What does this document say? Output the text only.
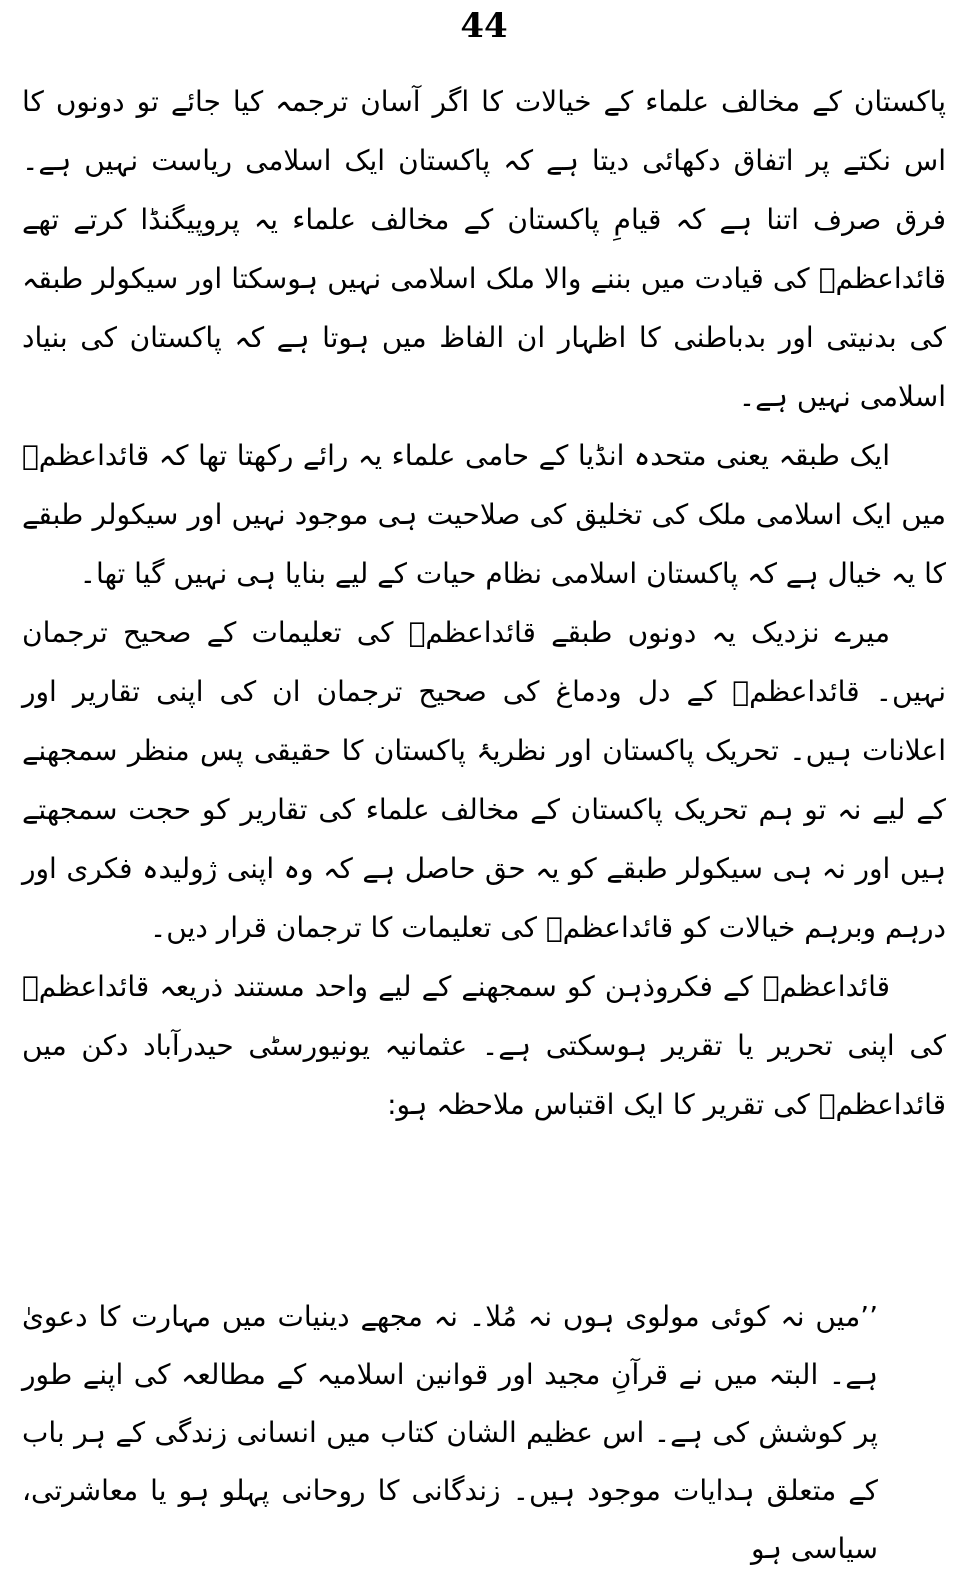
44

پاکستان کے مخالف علماء کے خیالات کا اگر آسان ترجمہ کیا جائے تو دونوں کا اس نکتے پر اتفاق دکھائی دیتا ہے کہ پاکستان ایک اسلامی ریاست نہیں ہے۔ فرق صرف اتنا ہے کہ قیامِ پاکستان کے مخالف علماء یہ پروپیگنڈا کرتے تھے قائداعظمؒ کی قیادت میں بننے والا ملک اسلامی نہیں ہوسکتا اور سیکولر طبقہ کی بدنیتی اور بدباطنی کا اظہار ان الفاظ میں ہوتا ہے کہ پاکستان کی بنیاد اسلامی نہیں ہے۔

ایک طبقہ یعنی متحدہ انڈیا کے حامی علماء یہ رائے رکھتا تھا کہ قائداعظمؒ میں ایک اسلامی ملک کی تخلیق کی صلاحیت ہی موجود نہیں اور سیکولر طبقے کا یہ خیال ہے کہ پاکستان اسلامی نظام حیات کے لیے بنایا ہی نہیں گیا تھا۔

میرے نزدیک یہ دونوں طبقے قائداعظمؒ کی تعلیمات کے صحیح ترجمان نہیں۔ قائداعظمؒ کے دل ودماغ کی صحیح ترجمان ان کی اپنی تقاریر اور اعلانات ہیں۔ تحریک پاکستان اور نظریۂ پاکستان کا حقیقی پس منظر سمجھنے کے لیے نہ تو ہم تحریک پاکستان کے مخالف علماء کی تقاریر کو حجت سمجھتے ہیں اور نہ ہی سیکولر طبقے کو یہ حق حاصل ہے کہ وہ اپنی ژولیدہ فکری اور درہم وبرہم خیالات کو قائداعظمؒ کی تعلیمات کا ترجمان قرار دیں۔

قائداعظمؒ کے فکروذہن کو سمجھنے کے لیے واحد مستند ذریعہ قائداعظمؒ کی اپنی تحریر یا تقریر ہوسکتی ہے۔ عثمانیہ یونیورسٹی حیدرآباد دکن میں قائداعظمؒ کی تقریر کا ایک اقتباس ملاحظہ ہو:

’’میں نہ کوئی مولوی ہوں نہ مُلا۔ نہ مجھے دینیات میں مہارت کا دعویٰ ہے۔ البتہ میں نے قرآنِ مجید اور قوانین اسلامیہ کے مطالعہ کی اپنے طور پر کوشش کی ہے۔ اس عظیم الشان کتاب میں انسانی زندگی کے ہر باب کے متعلق ہدایات موجود ہیں۔ زندگانی کا روحانی پہلو ہو یا معاشرتی، سیاسی ہو
